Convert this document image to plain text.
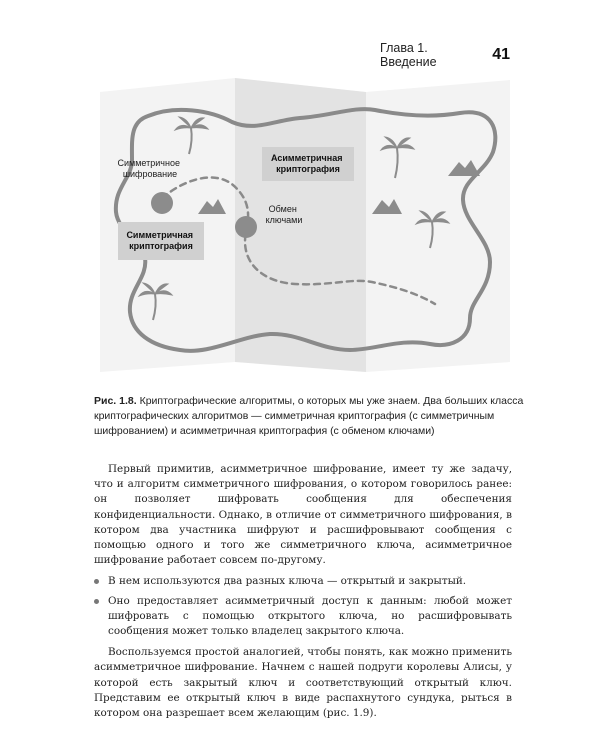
Глава 1. Введение	41
Симметричное шифрование
Обмен ключами
Асимметричная криптография
Симметричная криптография
Рис. 1.8. Криптографические алгоритмы, о которых мы уже знаем. Два больших класса криптографических алгоритмов — симметричная криптография (с симметричным шифрованием) и асимметричная криптография (с обменом ключами)

Первый примитив, асимметричное шифрование, имеет ту же задачу, что и алгоритм симметричного шифрования, о котором говорилось ранее: он позволяет шифровать сообщения для обеспечения конфиденциальности. Однако, в отличие от симметричного шифрования, в котором два участника шифруют и расшифровывают сообщения с помощью одного и того же симметричного ключа, асимметричное шифрование работает совсем по-другому.

В нем используются два разных ключа — открытый и закрытый.
Оно предоставляет асимметричный доступ к данным: любой может шифровать с помощью открытого ключа, но расшифровывать сообщения может только владелец закрытого ключа.

Воспользуемся простой аналогией, чтобы понять, как можно применить асимметричное шифрование. Начнем с нашей подруги королевы Алисы, у которой есть закрытый ключ и соответствующий открытый ключ. Представим ее открытый ключ в виде распахнутого сундука, рыться в котором она разрешает всем желающим (рис. 1.9).
